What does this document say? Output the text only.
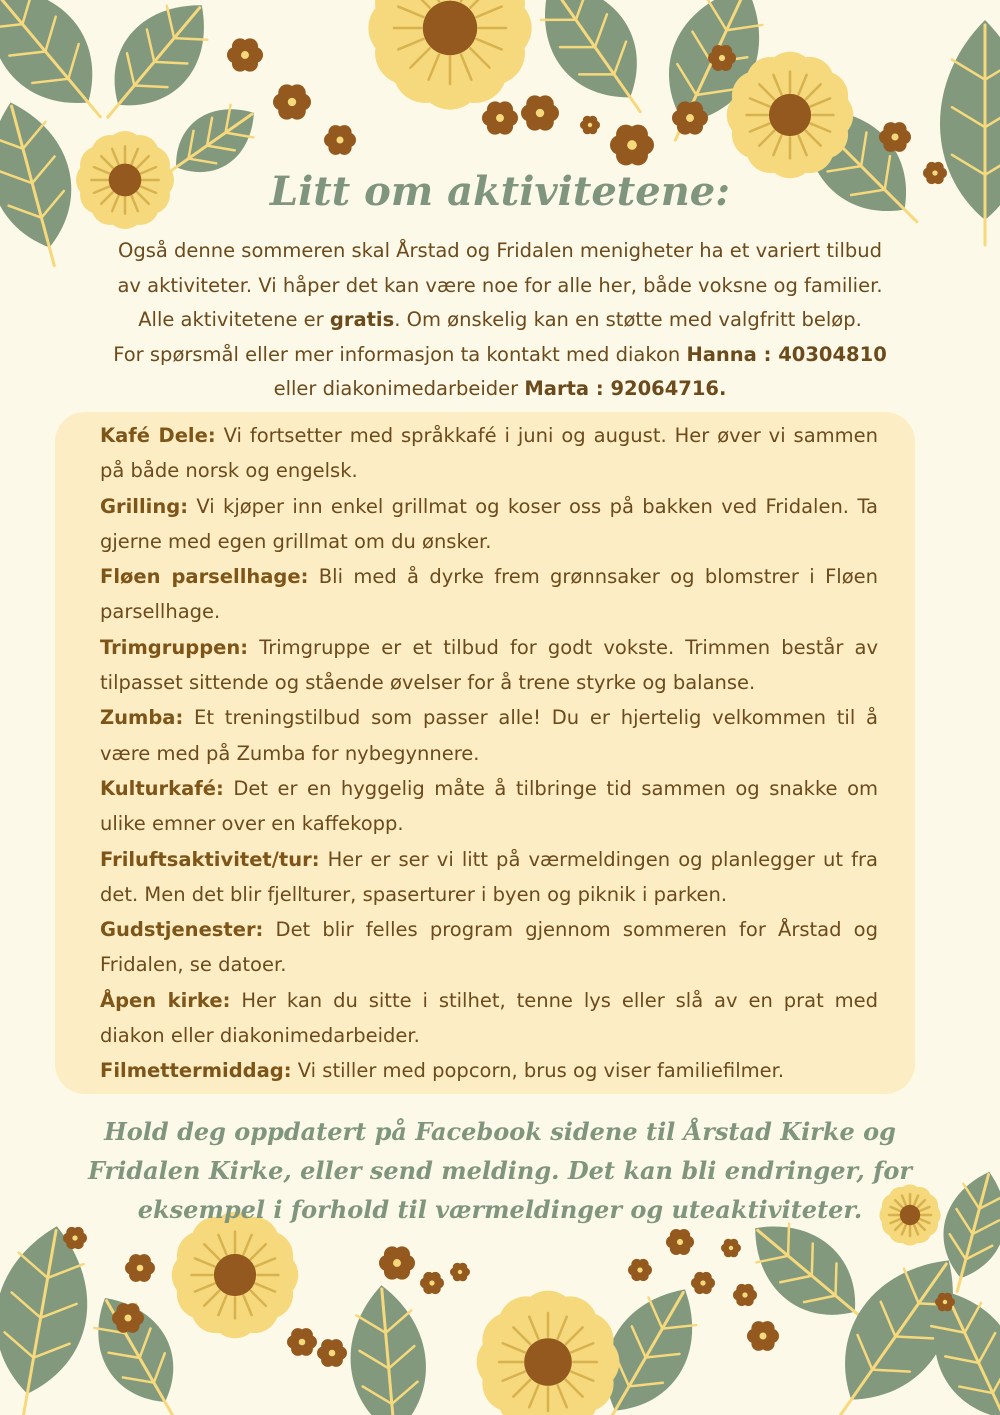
Litt om aktivitetene:
Også denne sommeren skal Årstad og Fridalen menigheter ha et variert tilbud
av aktiviteter. Vi håper det kan være noe for alle her, både voksne og familier.
Alle aktivitetene er gratis. Om ønskelig kan en støtte med valgfritt beløp.
For spørsmål eller mer informasjon ta kontakt med diakon Hanna : 40304810
eller diakonimedarbeider Marta : 92064716.
Kafé Dele: Vi fortsetter med språkkafé i juni og august. Her øver vi sammen på både norsk og engelsk.
Grilling: Vi kjøper inn enkel grillmat og koser oss på bakken ved Fridalen. Ta gjerne med egen grillmat om du ønsker.
Fløen parsellhage: Bli med å dyrke frem grønnsaker og blomstrer i Fløen parsellhage.
Trimgruppen: Trimgruppe er et tilbud for godt vokste. Trimmen består av tilpasset sittende og stående øvelser for å trene styrke og balanse.
Zumba: Et treningstilbud som passer alle! Du er hjertelig velkommen til å være med på Zumba for nybegynnere.
Kulturkafé: Det er en hyggelig måte å tilbringe tid sammen og snakke om ulike emner over en kaffekopp.
Friluftsaktivitet/tur: Her er ser vi litt på værmeldingen og planlegger ut fra det. Men det blir fjellturer, spaserturer i byen og piknik i parken.
Gudstjenester: Det blir felles program gjennom sommeren for Årstad og Fridalen, se datoer.
Åpen kirke: Her kan du sitte i stilhet, tenne lys eller slå av en prat med diakon eller diakonimedarbeider.
Filmettermiddag: Vi stiller med popcorn, brus og viser familiefilmer.
Hold deg oppdatert på Facebook sidene til Årstad Kirke og
Fridalen Kirke, eller send melding. Det kan bli endringer, for
eksempel i forhold til værmeldinger og uteaktiviteter.
